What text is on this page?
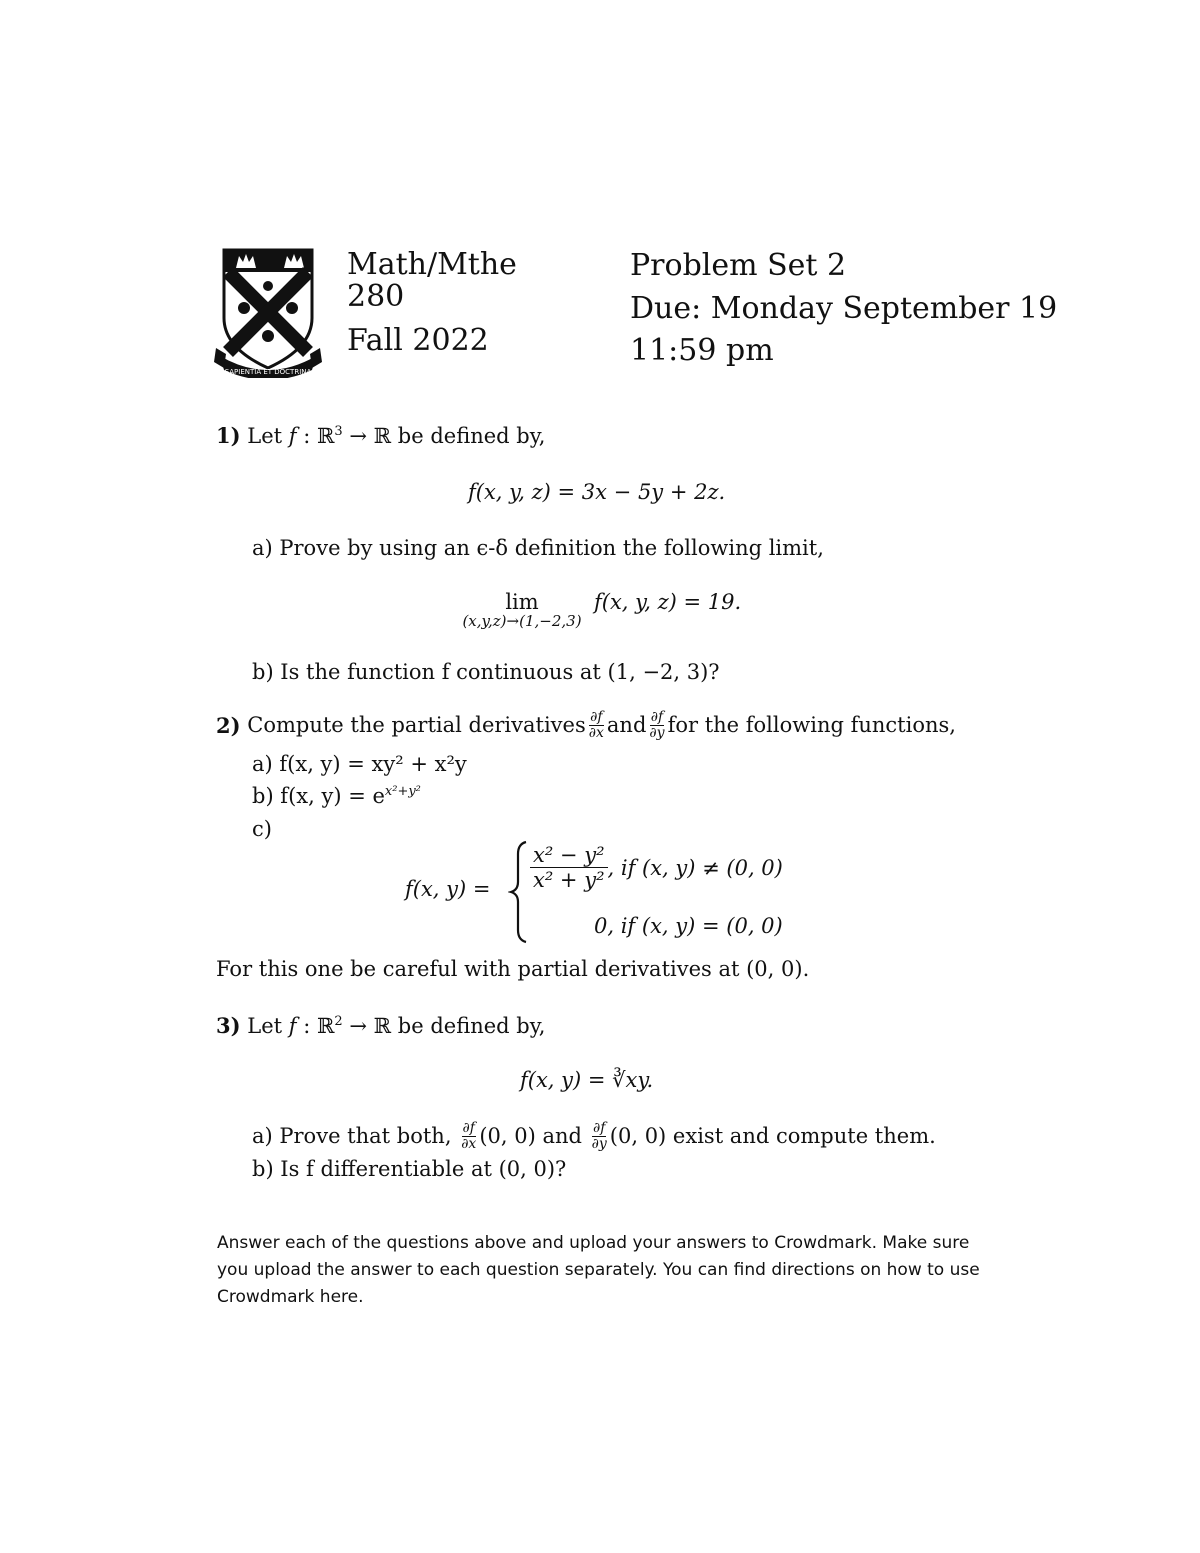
SAPIENTIA ET DOCTRINA
Math/Mthe
280
Fall 2022
Problem Set 2
Due: Monday September 19
11:59 pm
1) Let f : ℝ$^3$ → ℝ be defined by,
f(x, y, z) = 3x − 5y + 2z.
a) Prove by using an ϵ-δ definition the following limit,
lim
(x,y,z)→(1,−2,3)
f(x, y, z) = 19.
b) Is the function f continuous at (1, −2, 3)?
2)
Compute the partial derivatives $\frac{\partial f}{\partial x}$ and $\frac{\partial f}{\partial y}$ for the following functions,
a) f(x, y) = xy² + x²y
b) f(x, $y) = e^{x^2+y^2}$
c)
f(x, y) =
x² − y²
x² + y²
, if (x, y) ≠ (0, 0)
0, if (x, y) = (0, 0)
For this one be careful with partial derivatives at (0, 0).
3) Let f : ℝ$^2$ → ℝ be defined by,
f(x, y) = ∛xy.
a) Prove that both,
$\frac{\partial f}{\partial x} (0$, 0) and
$\frac{\partial f}{\partial y} (0$, 0) exist and compute them.
b) Is f differentiable at (0, 0)?
Answer each of the questions above and upload your answers to Crowdmark. Make sure you upload the answer to each question separately. You can find directions on how to use Crowdmark here.
